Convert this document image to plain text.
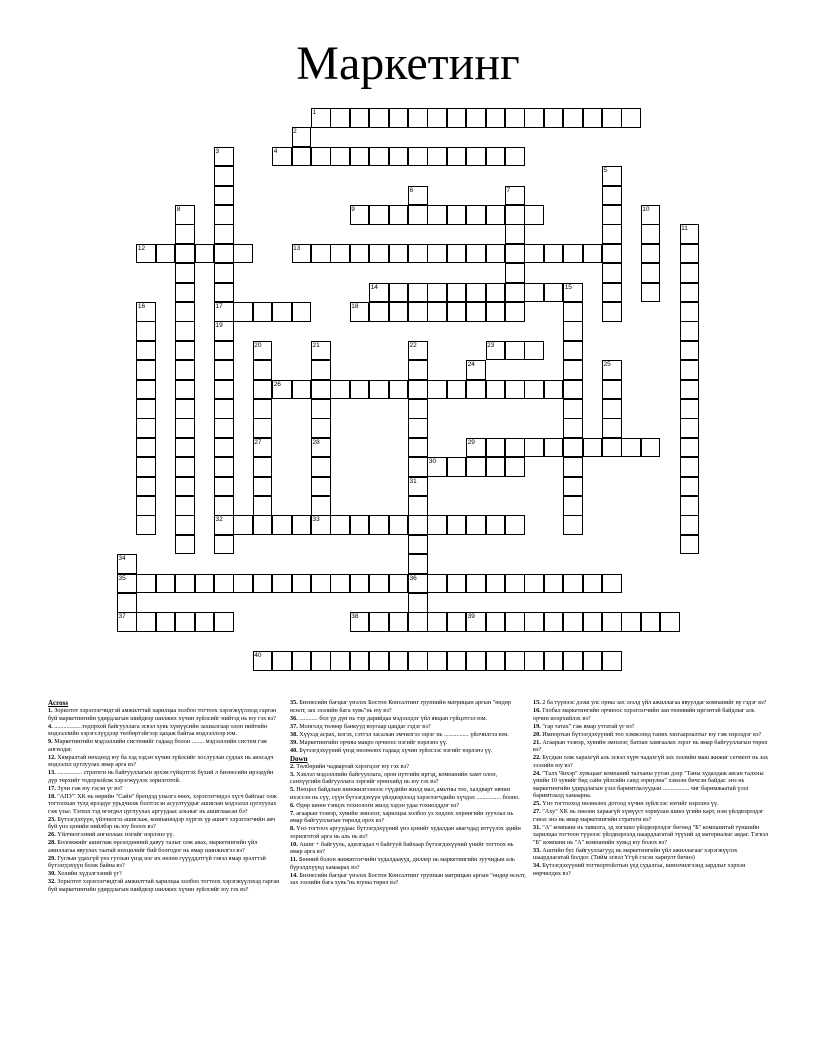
Маркетинг
1
2
3	4
5
6	7
8	9	10
11
12	13
14	15
16	17	18
19
20	21	22	23
24	25
26
27	28	29
30
31
32	33
34
35	36
37	38	39
40
Across
1. Зорилтот хэрэглэгчидтэй амжилттай харилцаа холбоо тогтоох хэрэгжүүлэхэд гарган буй маркетингийн удирдлагын шийдвэр шилжих хүчин зүйлсийг нийтэд нь юу гэх вэ?
4. ..................тодорхой байгууллага эсвэл хувь хүмүүсийн захиалгаар олон нийтийн мэдээллийн хэрэгслүүдээр төлбөртэйгээр цацаж байгаа мэдээллээр юм.
9. Маркетингийн мэдээллийн системийг гадаад болон ........ мэдээллийн систем гэж ангилдаг.
12. Хямралтай нөхцөлд юу ба хэд хэдэн хүчин зүйлсийг хослуулан судлах нь аихсадч мэдээлэл цуглуулах ямар арга вэ?
13. ................ стратеги нь байгууллагын эрхэм гүйцэтгэх бүхий л бизнесийн ирээдүйн дүр төрхийг тодорхойлж хэрэгжүүлэх зорилготой.
17. Зүчи гэж юу гэсэн үг вэ?
18. "АПУ" ХК нь өөрийн "Сайн" брендэд уналгэ өөөх, хэрэглэгчидээ хүсч байгааг олж тогтоохын тулд ирээдүе урьдчилж бэлтгэсэн асуултуудыг ашиглан мэдээлэл цуглуулах гэж үзье. Тэгвэл тэд өгөгдөл цуглуулах аргуудаас альныг нь ашиглаасан бэ?
23. Бүтээгдэхүүн, үйлчилгээ ашиглаж, компаниэдэр хүргэх үр ашигт хэрэглэгчийн авч буй үнэ цэнийн нийлбэр нь юу болох вэ?
26. Үйлчилгээний ангиллаас нэгийг нэрлэнэ үү.
28. Боломжийг ашиглаж өрсөлдөөний давуу талыг олж авах, маркетингийн үйл ажиллагаа явуулах таатай нөхцөлийг бий болгодог нь ямар шинжилгээ вэ?
29. Гуглын удахгүй үнэ гуглын үнэд нэг их өөлөө гүүүддэтгүй гэвэл ямар эрэлттэй бүтээгдэхүүн болж байна вэ?
30. Холийн хүдэлгээний үг?
32. Зорилтот хэрэглэгчидтэй амжилттай харилцаа холбоо тогтоох хэрэгжүүлэхэд гарган буй маркетингийн удирдлагын шийдвэр шилжих хүчин зүйлсийг юу гэх вэ?
35. Бизнесийн бағцыг үнэлэх Бостон Консалтинг группийн матрицын аргын "өндөр өсөлт, зах зээлийн бага хувь"нь юу вэ?
36. ............ бол үр дүн нь тэр дарийдаа мэдээлдэг үйл явцын гүйцэтгэл юм.
37. Монголд төлөөр банкууд воугаар цацдаг гэдэг вэ?
38. Хүүхэд асрах, илгэх, сэтгэл засалын эмчилгээ зэрэг нь ................ үйлчилгээ юм.
39. Маркетингийн орчны макро орчноос нэгийг нэрлэнэ үү.
40. Бүтээгдэхүүний үнэд нөлөөлөх гадаад хүчин зүйлсээс нэгийг нэрлэнэ үү.
Down
2. Төлбөрийн чадвартай хэрэгцээг юу гэх вэ?
3. Хэвлэл мэдээллийн байгууллага, орон нутгийн иргэд, компанийн хамт олон, санхүүгийн байгууллага зэргийг ерөнхийд нь юу гэх вэ?
5. Нөхцөл байдлын шинжилгээнээс гүүдийн жилд мал, амьтны тоо, халдварт өвчин ихэссэн нь сүү, сүүн бүтээгдэхүүн үйлдвэрлэлд хэрэглэгчдийн хүчдэл ................ болно.
6. Өдөр шөнө тэнцэх технологи жилд хэдэн удаа тохиолддог вэ?
7. агаарын тээвэр, хувийн эмнэлэг, харилцаа холбоо уэ хөдлөх хөрөнгийн зуучлал нь ямар байгууллагын төрөлд орох вэ?
8. Үнэ тогтоох аргуудаас бүтээгдэхүүний үнэ цэнийг худалдан авагчдад итгүүлэх эдийн зорилготой арга нь аль нь вэ?
10. Ашиг + байгууль, адилгадал ч байгууй байхаар бүтээгдэхүүний үнийг тогтоох нь ямар арга вэ?
11. Бөөний болон жижиглэгчийн худалдааууд, диллер нь маркетингийн зуучидын аль бүрэлдхүүнд хамаарах вэ?
14. Бизнесийн бағцыг үнэлэх Бостон Консалтинг группын матрицын аргын "өндөр өсөлт, зах зээлийн бага хувь"нь юуны төрөл вэ?
15. 2 ба түүнээс дээш улс орны зах зээлд үйл ажиллагаа явуулдаг компанийг ву гэдэг вэ?
16. Глобал маркетингийн орчноос хэрэглэгчийн зан төлөвийн иргэнтэй байдлыг аль орчин илэрхийлэх вэ?
19. "гар татах" гэж ямар утгатай үг вэ?
20. Импортын бүтээгдэхүүний тоо хэмжээнд таних хязгаарлалтыг юу гэж нэрлэдэг вэ?
21. Агаарын тээвэр, хувийн эмнэлэг, батлан хамгаалах зэрэг нь ямар байгууллагын төрөл вэ?
22. Бусдын олж харахгүй аль эсвэл хүрч чадахгүй зах зээлийн маш жижиг сегмент нь зах зээлийн юу вэ?
24. "Талх Чихэр" хувьцаат компаний талханы уутан дээр "Таны худалдаж авсан талхны үнийн 10 хувийг бид сайн үйлсийн санд зориулна" хэмээн бичсэн байдаг. энэ нь маркетингийн удирдлагын үзэл баримтлалуудын ................. чиг баримжаатай үзэл баримтлалд хамаарна.
25. Үнэ тогтооход нөлөөлөх дотоод хүчин зүйлсээс нэгийг нэрлэнэ үү.
27. "Аху" ХК нь зөөлөн хараагүй хүмүүст зориулан шинэ үгийн карт, нэм үйлдвэрлэдэг гэвэл энэ нь ямар маркетингийн стратеги вэ?
31. "А" компани нь тавилга, эд хогшил үйлдвэрлэдэг бөгөөд "Б" компанитай түншийн харилцаа тогтоон түүнээс үйлдвэрлэлд шаардлагатай түүхий эд материалыг авдаг. Тэгвэл "Б" компани нь "А" компанийн хувьд юу болох вэ?
33. Ашгийн бус байгууллагууд нь маркетингийн үйл ажиллагааг хэрэгжүүлэх шаардлагатай болдог. (Тийм эсвэл Үгүй гэсэн хариулт бичнэ)
34. Бүтээгдэхүүний тогтвортойлтын үед судалгаа, шинэчилгээнд зардлыг хэрхэн өөрчилдөх вэ?
